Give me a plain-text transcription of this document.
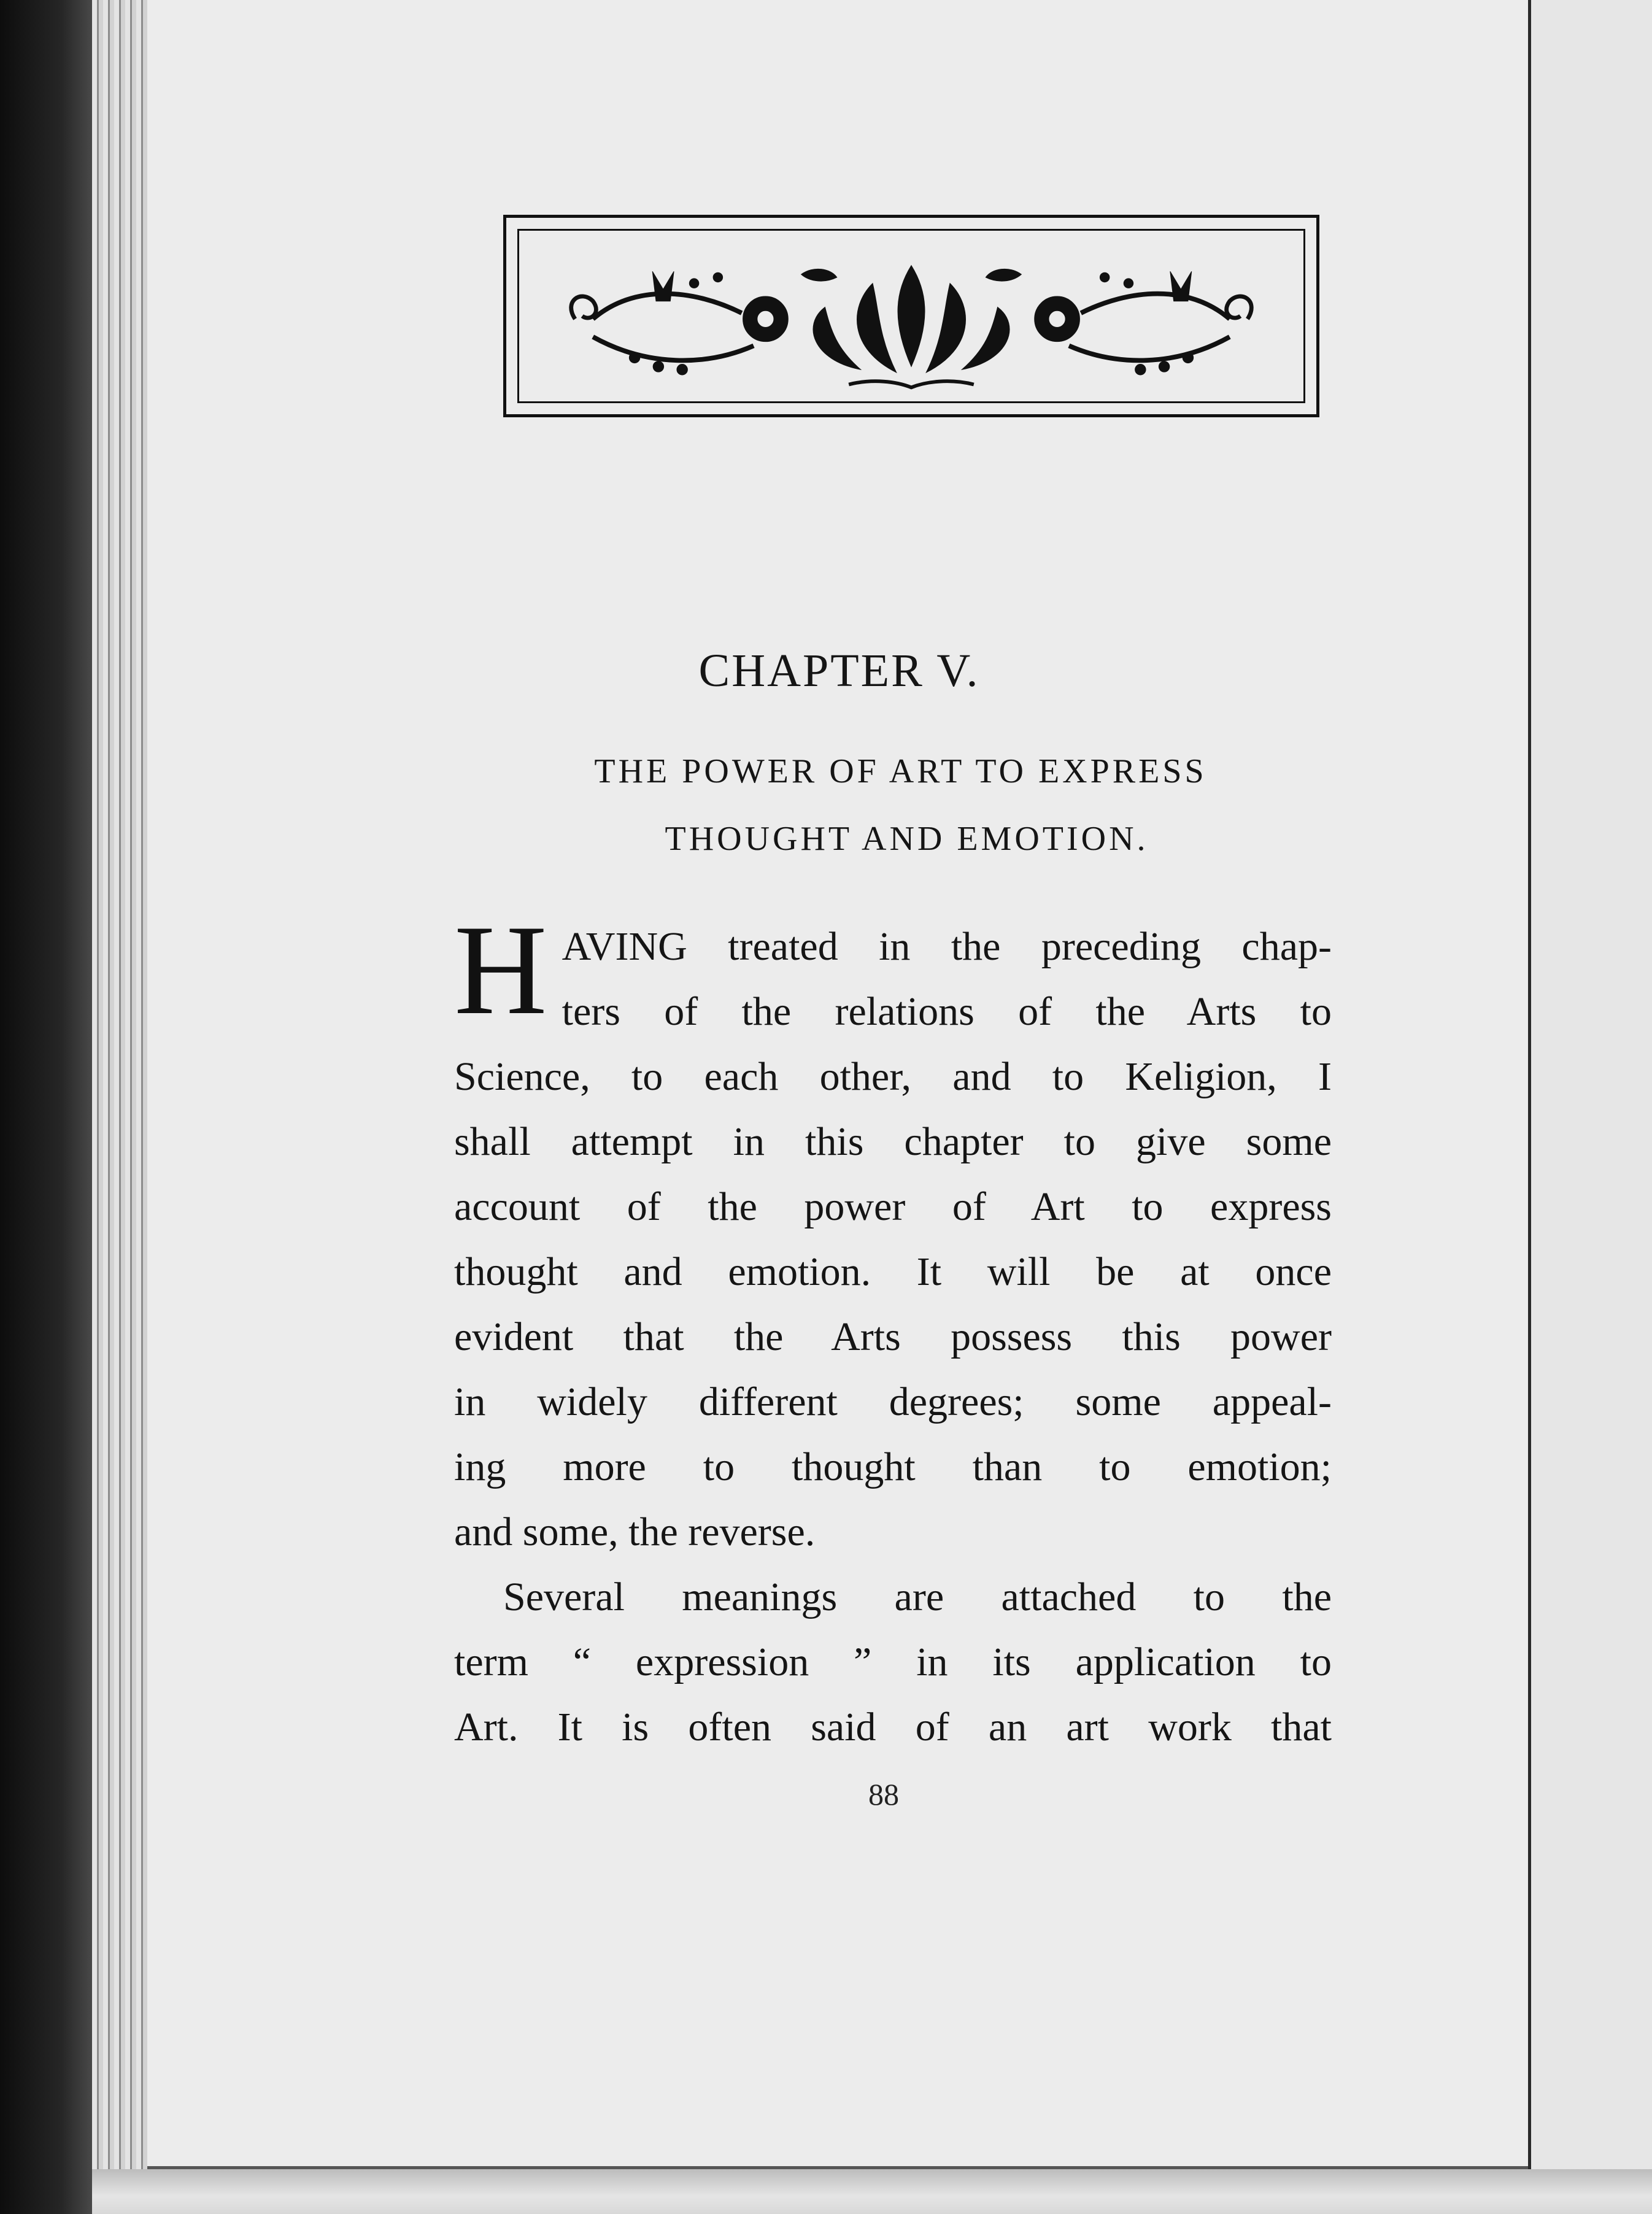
CHAPTER V.
THE POWER OF ART TO EXPRESS
THOUGHT AND EMOTION.
H AVING treated in the preceding chap-
ters of the relations of the Arts to
Science, to each other, and to Keligion, I
shall attempt in this chapter to give some
account of the power of Art to express
thought and emotion. It will be at once
evident that the Arts possess this power
in widely different degrees; some appeal-
ing more to thought than to emotion;
and some, the reverse.
Several meanings are attached to the
term “ expression ” in its application to
Art. It is often said of an art work that
88
